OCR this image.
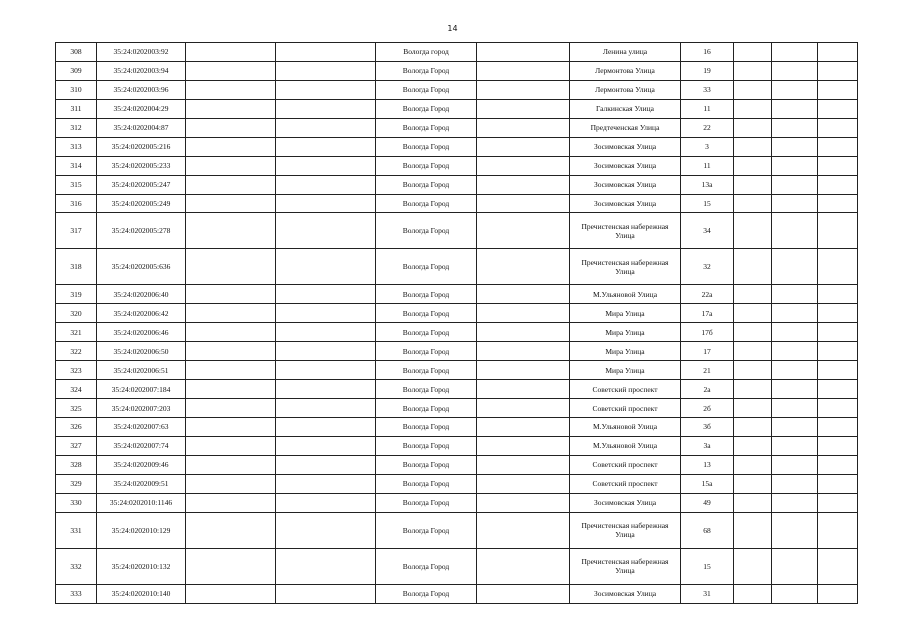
14
308	35:24:0202003:92			Вологда город		Ленина улица	16			
309	35:24:0202003:94			Вологда Город		Лермонтова Улица	19			
310	35:24:0202003:96			Вологда Город		Лермонтова Улица	33			
311	35:24:0202004:29			Вологда Город		Галкинская Улица	11			
312	35:24:0202004:87			Вологда Город		Предтеченская Улица	22			
313	35:24:0202005:216			Вологда Город		Зосимовская Улица	3			
314	35:24:0202005:233			Вологда Город		Зосимовская Улица	11			
315	35:24:0202005:247			Вологда Город		Зосимовская Улица	13а			
316	35:24:0202005:249			Вологда Город		Зосимовская Улица	15			
317	35:24:0202005:278			Вологда Город		Пречистенская набережная Улица	34			
318	35:24:0202005:636			Вологда Город		Пречистенская набережная Улица	32			
319	35:24:0202006:40			Вологда Город		М.Ульяновой Улица	22а			
320	35:24:0202006:42			Вологда Город		Мира Улица	17а			
321	35:24:0202006:46			Вологда Город		Мира Улица	17б			
322	35:24:0202006:50			Вологда Город		Мира Улица	17			
323	35:24:0202006:51			Вологда Город		Мира Улица	21			
324	35:24:0202007:184			Вологда Город		Советский проспект	2а			
325	35:24:0202007:203			Вологда Город		Советский проспект	2б			
326	35:24:0202007:63			Вологда Город		М.Ульяновой Улица	3б			
327	35:24:0202007:74			Вологда Город		М.Ульяновой Улица	3а			
328	35:24:0202009:46			Вологда Город		Советский проспект	13			
329	35:24:0202009:51			Вологда Город		Советский проспект	15а			
330	35:24:0202010:1146			Вологда Город		Зосимовская Улица	49			
331	35:24:0202010:129			Вологда Город		Пречистенская набережная Улица	68			
332	35:24:0202010:132			Вологда Город		Пречистенская набережная Улица	15			
333	35:24:0202010:140			Вологда Город		Зосимовская Улица	31			
